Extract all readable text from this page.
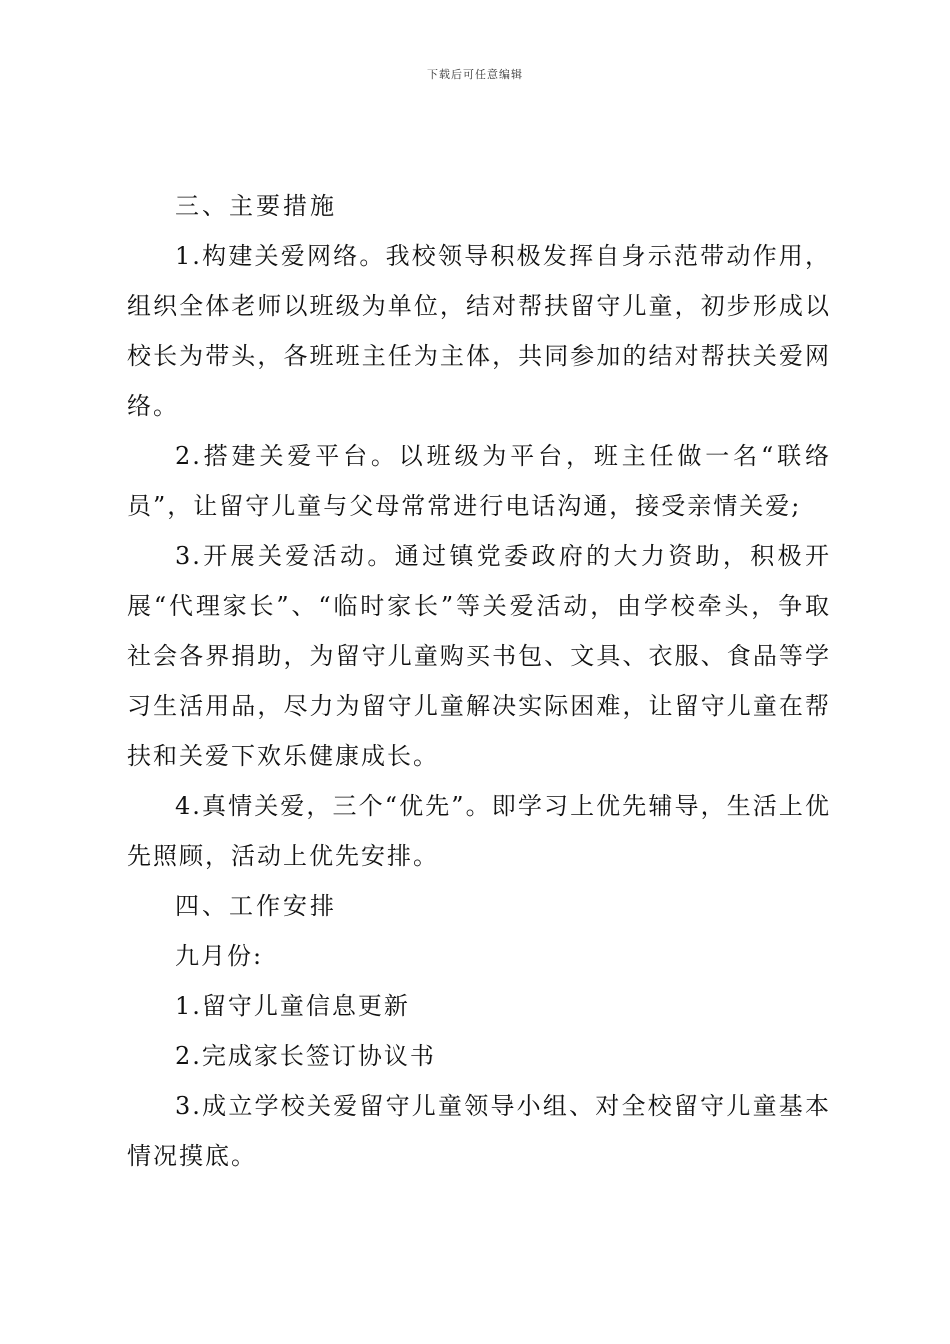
下载后可任意编辑

三、主要措施

1.构建关爱网络。我校领导积极发挥自身示范带动作用，组织全体老师以班级为单位，结对帮扶留守儿童，初步形成以校长为带头，各班班主任为主体，共同参加的结对帮扶关爱网络。

2.搭建关爱平台。以班级为平台，班主任做一名“联络员”，让留守儿童与父母常常进行电话沟通，接受亲情关爱;

3.开展关爱活动。通过镇党委政府的大力资助，积极开展“代理家长”、“临时家长”等关爱活动，由学校牵头，争取社会各界捐助，为留守儿童购买书包、文具、衣服、食品等学习生活用品，尽力为留守儿童解决实际困难，让留守儿童在帮扶和关爱下欢乐健康成长。

4.真情关爱，三个“优先”。即学习上优先辅导，生活上优先照顾，活动上优先安排。

四、工作安排

九月份:

1.留守儿童信息更新

2.完成家长签订协议书

3.成立学校关爱留守儿童领导小组、对全校留守儿童基本情况摸底。
